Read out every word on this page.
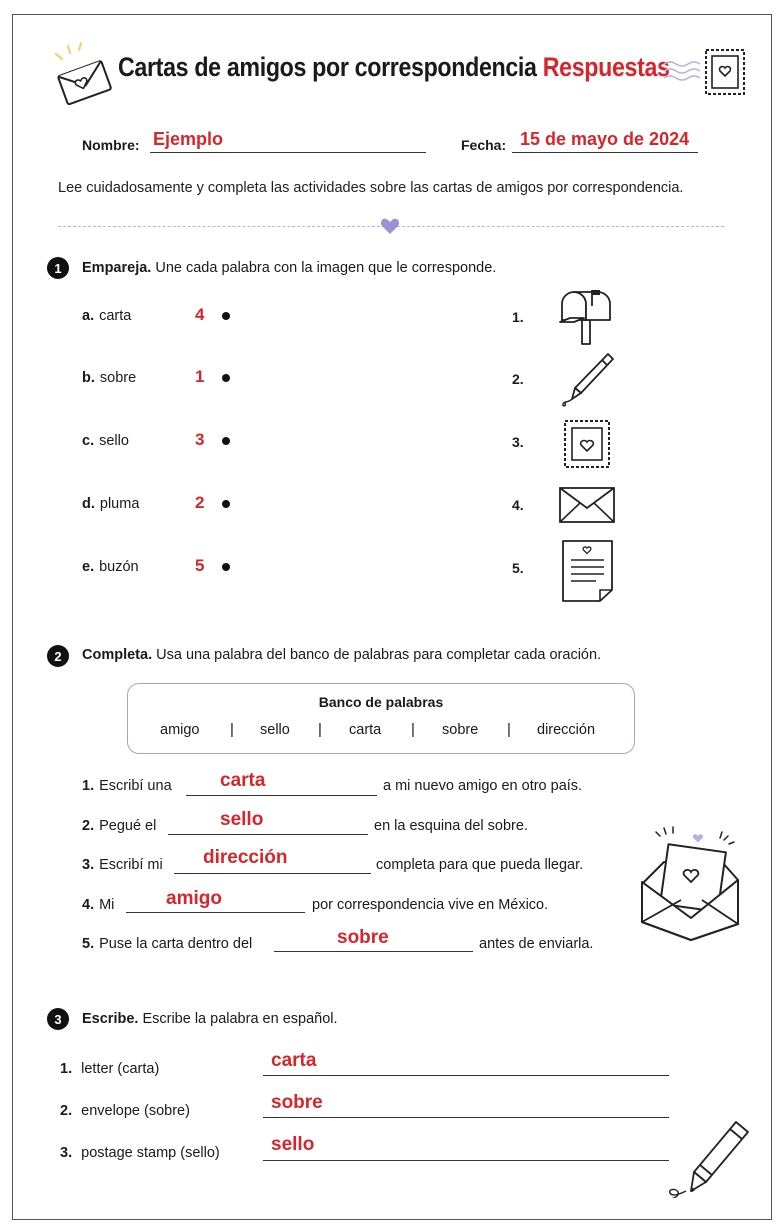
Cartas de amigos por correspondencia Respuestas
Nombre: Ejemplo	Fecha: 15 de mayo de 2024
Lee cuidadosamente y completa las actividades sobre las cartas de amigos por correspondencia.
1	Empareja. Une cada palabra con la imagen que le corresponde.
a. carta	4
b. sobre	1
c. sello	3
d. pluma	2
e. buzón	5
1.
2.
3.
4.
5.
2	Completa. Usa una palabra del banco de palabras para completar cada oración.
Banco de palabras
amigo | sello | carta | sobre | dirección
1. Escribí una	carta	a mi nuevo amigo en otro país.
2. Pegué el	sello	en la esquina del sobre.
3. Escribí mi dirección	completa para que pueda llegar.
4. Mi	amigo	por correspondencia vive en México.
5. Puse la carta dentro del	sobre	antes de enviarla.
3	Escribe. Escribe la palabra en español.
1. letter (carta)	carta
2. envelope (sobre)	sobre
3. postage stamp (sello)	sello
